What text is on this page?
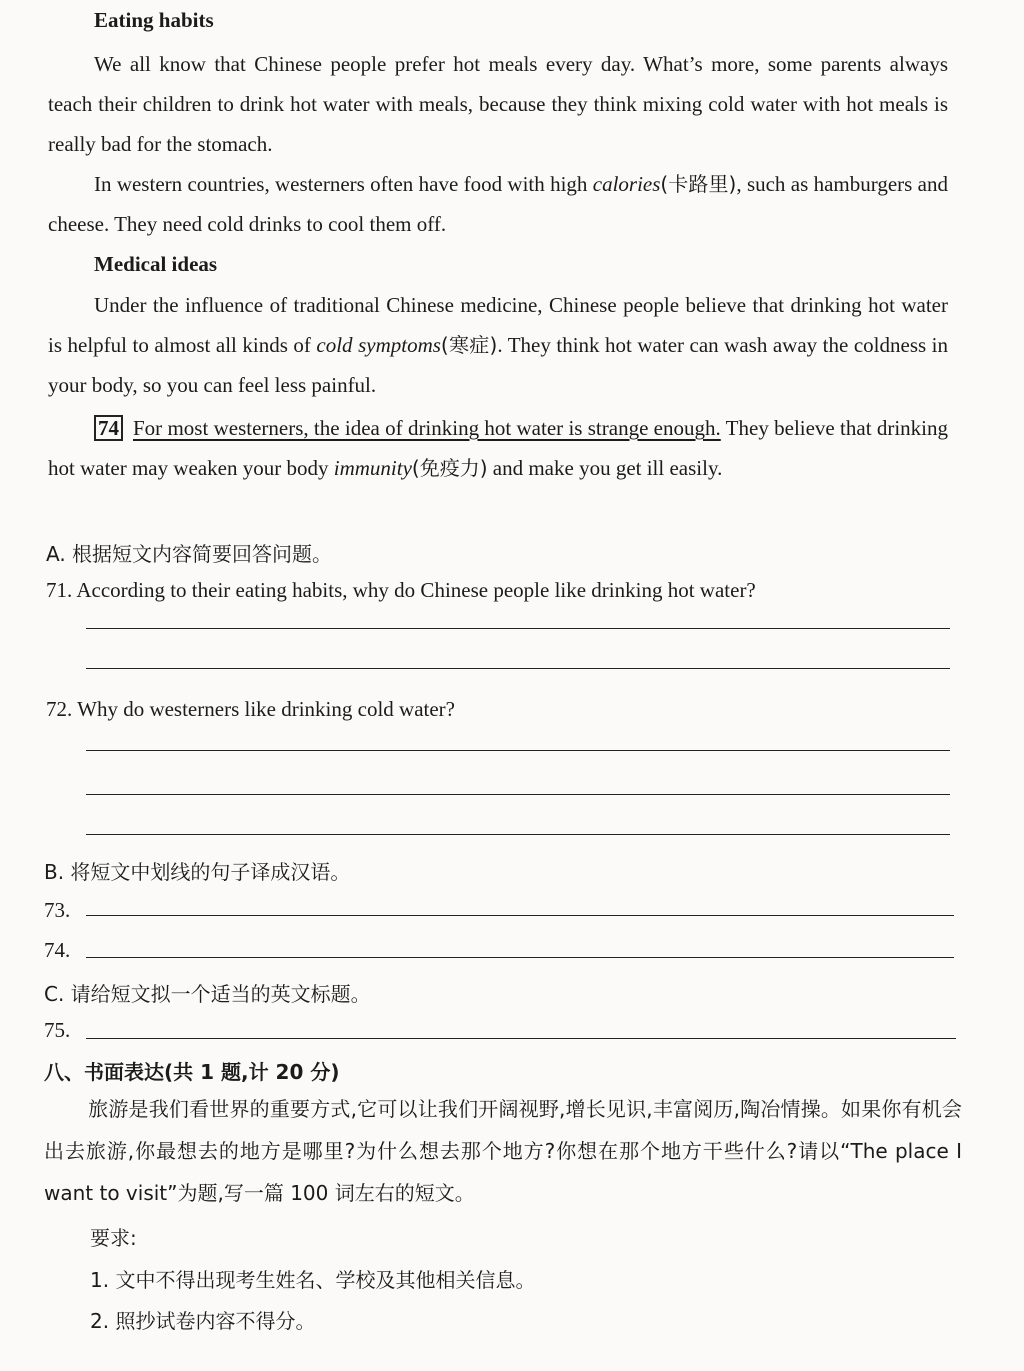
Eating habits
We all know that Chinese people prefer hot meals every day. What’s more, some parents always teach their children to drink hot water with meals, because they think mixing cold water with hot meals is really bad for the stomach.
In western countries, westerners often have food with high calories(卡路里), such as hamburgers and cheese. They need cold drinks to cool them off.
Medical ideas
Under the influence of traditional Chinese medicine, Chinese people believe that drinking hot water is helpful to almost all kinds of cold symptoms(寒症). They think hot water can wash away the coldness in your body, so you can feel less painful.
74 For most westerners, the idea of drinking hot water is strange enough. They believe that drinking hot water may weaken your body immunity(免疫力) and make you get ill easily.
A. 根据短文内容简要回答问题。
71. According to their eating habits, why do Chinese people like drinking hot water?
72. Why do westerners like drinking cold water?
B. 将短文中划线的句子译成汉语。
73.
74.
C. 请给短文拟一个适当的英文标题。
75.
八、书面表达(共 1 题,计 20 分)
旅游是我们看世界的重要方式,它可以让我们开阔视野,增长见识,丰富阅历,陶冶情操。如果你有机会出去旅游,你最想去的地方是哪里?为什么想去那个地方?你想在那个地方干些什么?请以“The place I want to visit”为题,写一篇 100 词左右的短文。
要求:
1. 文中不得出现考生姓名、学校及其他相关信息。
2. 照抄试卷内容不得分。
